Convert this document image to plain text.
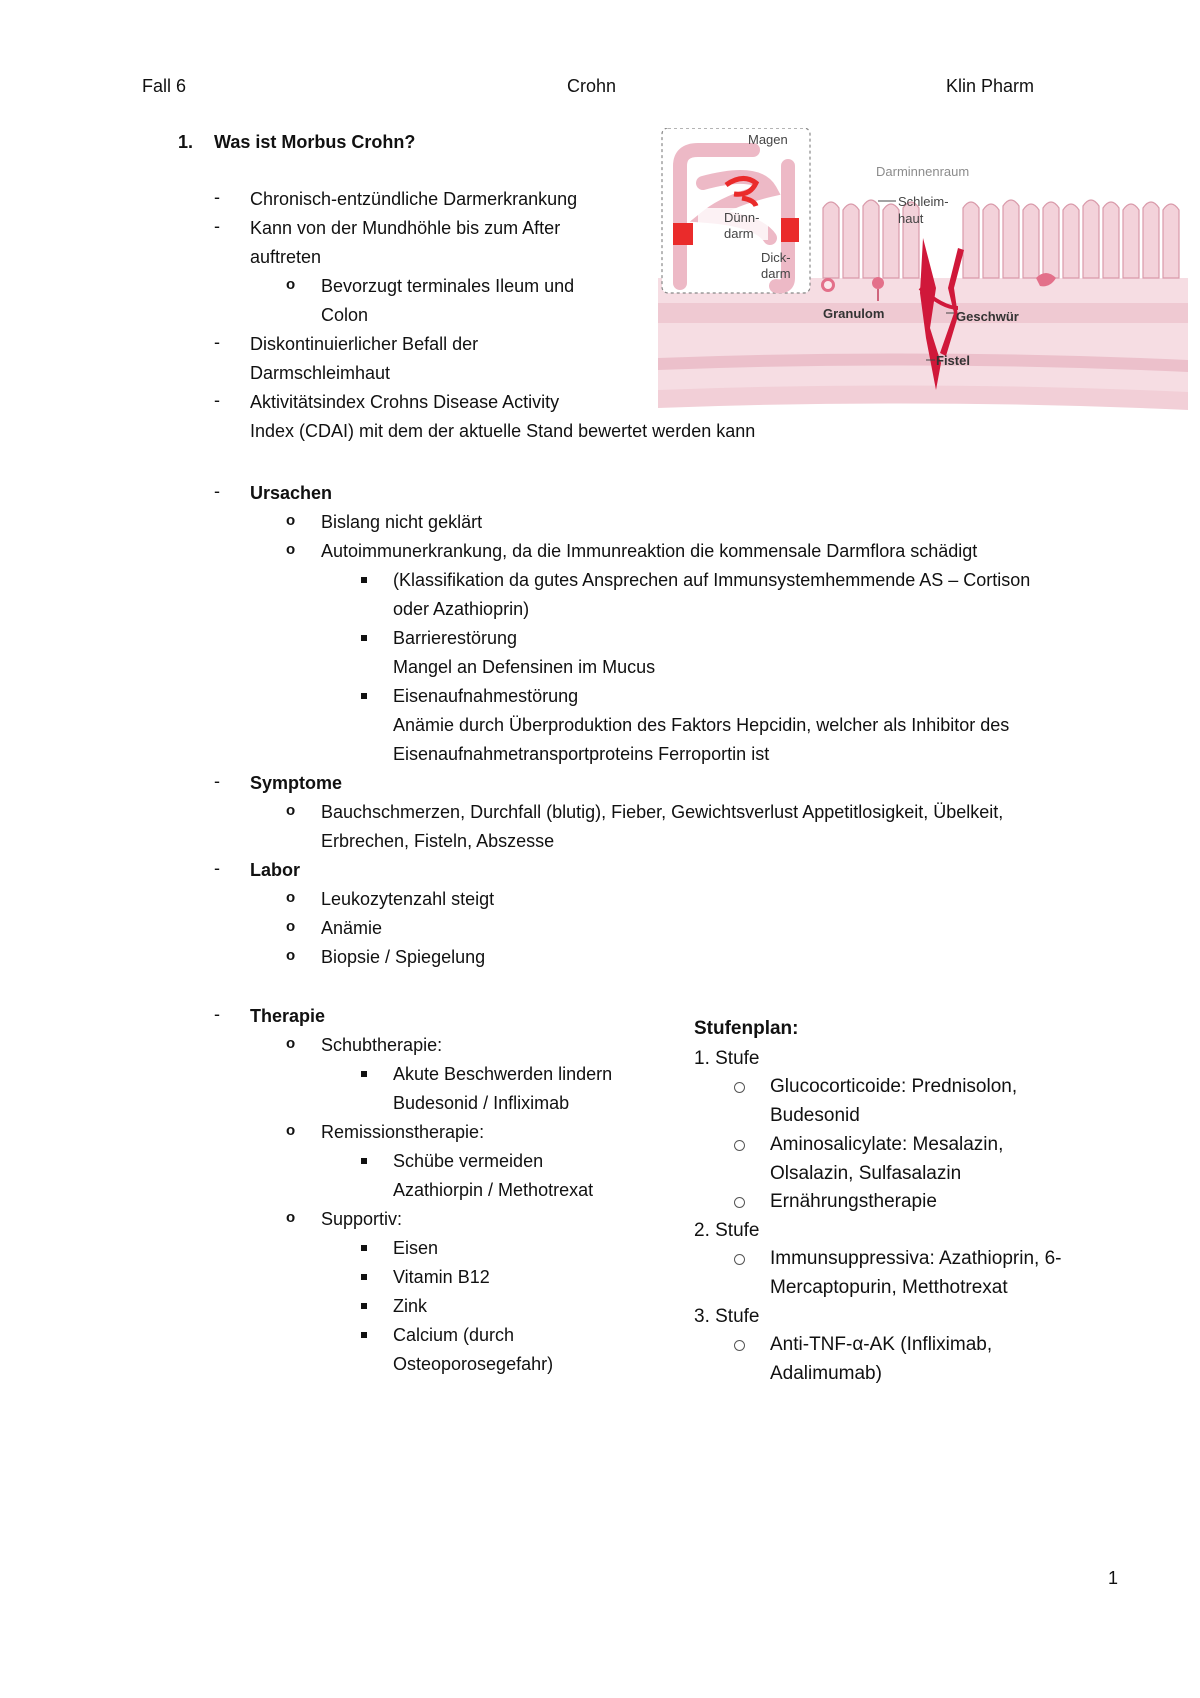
Fall 6	Crohn	Klin Pharm
1. Was ist Morbus Crohn?
- Chronisch-entzündliche Darmerkrankung
- Kann von der Mundhöhle bis zum After
auftreten
o Bevorzugt terminales Ileum und
Colon
- Diskontinuierlicher Befall der
Darmschleimhaut
- Aktivitätsindex Crohns Disease Activity
Index (CDAI) mit dem der aktuelle Stand bewertet werden kann
Magen
Darminnenraum
Schleim-
haut
Dünn-
darm
Dick-
darm
Granulom	Geschwür
Fistel
- Ursachen
o Bislang nicht geklärt
o Autoimmunerkrankung, da die Immunreaktion die kommensale Darmflora schädigt
(Klassifikation da gutes Ansprechen auf Immunsystemhemmende AS – Cortison
oder Azathioprin)
Barrierestörung
Mangel an Defensinen im Mucus
Eisenaufnahmestörung
Anämie durch Überproduktion des Faktors Hepcidin, welcher als Inhibitor des
Eisenaufnahmetransportproteins Ferroportin ist
- Symptome
o Bauchschmerzen, Durchfall (blutig), Fieber, Gewichtsverlust Appetitlosigkeit, Übelkeit,
Erbrechen, Fisteln, Abszesse
- Labor
o Leukozytenzahl steigt
o Anämie
o Biopsie / Spiegelung
- Therapie
o Schubtherapie:
Akute Beschwerden lindern
Budesonid / Infliximab
o Remissionstherapie:
Schübe vermeiden
Azathiorpin / Methotrexat
o Supportiv:
Eisen
Vitamin B12
Zink
Calcium (durch
Osteoporosegefahr)
Stufenplan:
1. Stufe
Glucocorticoide: Prednisolon,
Budesonid
Aminosalicylate: Mesalazin,
Olsalazin, Sulfasalazin
Ernährungstherapie
2. Stufe
Immunsuppressiva: Azathioprin, 6-
Mercaptopurin, Metthotrexat
3. Stufe
Anti-TNF-α-AK (Infliximab,
Adalimumab)
1
